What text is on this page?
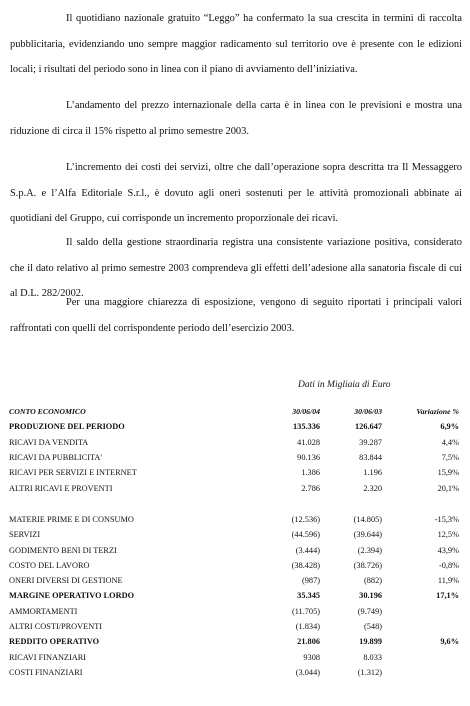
Il quotidiano nazionale gratuito “Leggo” ha confermato la sua crescita in termini di raccolta pubblicitaria, evidenziando uno sempre maggior radicamento sul territorio ove è presente con le edizioni locali; i risultati del periodo sono in linea con il piano di avviamento dell’iniziativa.

L’andamento del prezzo internazionale della carta è in linea con le previsioni e mostra una riduzione di circa il 15% rispetto al primo semestre 2003.

L’incremento dei costi dei servizi, oltre che dall’operazione sopra descritta tra Il Messaggero S.p.A. e l’Alfa Editoriale S.r.l., è dovuto agli oneri sostenuti per le attività promozionali abbinate ai quotidiani del Gruppo, cui corrisponde un incremento proporzionale dei ricavi.

Il saldo della gestione straordinaria registra una consistente variazione positiva, considerato che il dato relativo al primo semestre 2003 comprendeva gli effetti dell’adesione alla sanatoria fiscale di cui al D.L. 282/2002.

Per una maggiore chiarezza di esposizione, vengono di seguito riportati i principali valori raffrontati con quelli del corrispondente periodo dell’esercizio 2003.

Dati in Migliaia di Euro
CONTO ECONOMICO	30/06/04	30/06/03	Variazione %
PRODUZIONE DEL PERIODO	135.336	126.647	6,9%
RICAVI DA VENDITA	41.028	39.287	4,4%
RICAVI DA PUBBLICITA'	90.136	83.844	7,5%
RICAVI PER SERVIZI E INTERNET	1.386	1.196	15,9%
ALTRI RICAVI E PROVENTI	2.786	2.320	20,1%

MATERIE PRIME E DI CONSUMO	(12.536)	(14.805)	-15,3%
SERVIZI	(44.596)	(39.644)	12,5%
GODIMENTO BENI DI TERZI	(3.444)	(2.394)	43,9%
COSTO DEL LAVORO	(38.428)	(38.726)	-0,8%
ONERI DIVERSI DI GESTIONE	(987)	(882)	11,9%
MARGINE OPERATIVO LORDO	35.345	30.196	17,1%
AMMORTAMENTI	(11.705)	(9.749)	
ALTRI COSTI/PROVENTI	(1.834)	(548)	
REDDITO OPERATIVO	21.806	19.899	9,6%
RICAVI FINANZIARI	9308	8.033	
COSTI FINANZIARI	(3.044)	(1.312)	
